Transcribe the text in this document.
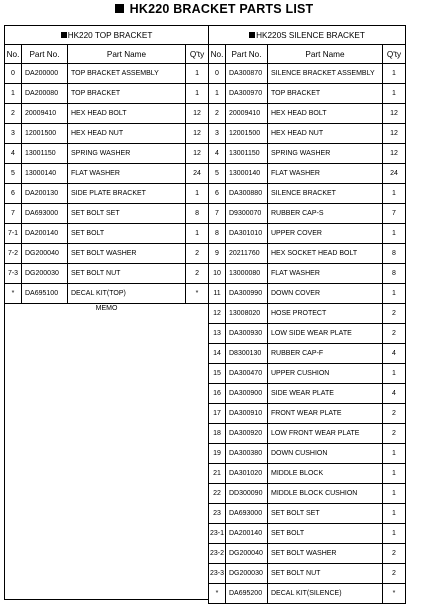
HK220 BRACKET PARTS LIST
HK220 TOP BRACKET			
No.	Part No.	Part Name	Q'ty
0	DA200000	TOP BRACKET ASSEMBLY	1
1	DA200080	TOP BRACKET	1
2	20009410	HEX HEAD BOLT	12
3	12001500	HEX HEAD NUT	12
4	13001150	SPRING WASHER	12
5	13000140	FLAT WASHER	24
6	DA200130	SIDE PLATE BRACKET	1
7	DA693000	SET BOLT SET	8
7-1	DA200140	SET BOLT	1
7-2	DG200040	SET BOLT WASHER	2
7-3	DG200030	SET BOLT NUT	2
*	DA695100	DECAL KIT(TOP)	*
MEMO			
HK220S SILENCE BRACKET			
No.	Part No.	Part Name	Q'ty
0	DA300870	SILENCE BRACKET ASSEMBLY	1
1	DA300970	TOP BRACKET	1
2	20009410	HEX HEAD BOLT	12
3	12001500	HEX HEAD NUT	12
4	13001150	SPRING WASHER	12
5	13000140	FLAT WASHER	24
6	DA300880	SILENCE BRACKET	1
7	D9300070	RUBBER CAP-S	7
8	DA301010	UPPER COVER	1
9	20211760	HEX SOCKET HEAD BOLT	8
10	13000080	FLAT WASHER	8
11	DA300990	DOWN COVER	1
12	13008020	HOSE PROTECT	2
13	DA300930	LOW SIDE WEAR PLATE	2
14	D8300130	RUBBER CAP-F	4
15	DA300470	UPPER CUSHION	1
16	DA300900	SIDE WEAR PLATE	4
17	DA300910	FRONT WEAR PLATE	2
18	DA300920	LOW FRONT WEAR PLATE	2
19	DA300380	DOWN CUSHION	1
21	DA301020	MIDDLE BLOCK	1
22	DD300090	MIDDLE BLOCK CUSHION	1
23	DA693000	SET BOLT SET	1
23-1	DA200140	SET BOLT	1
23-2	DG200040	SET BOLT WASHER	2
23-3	DG200030	SET BOLT NUT	2
*	DA695200	DECAL KIT(SILENCE)	*
